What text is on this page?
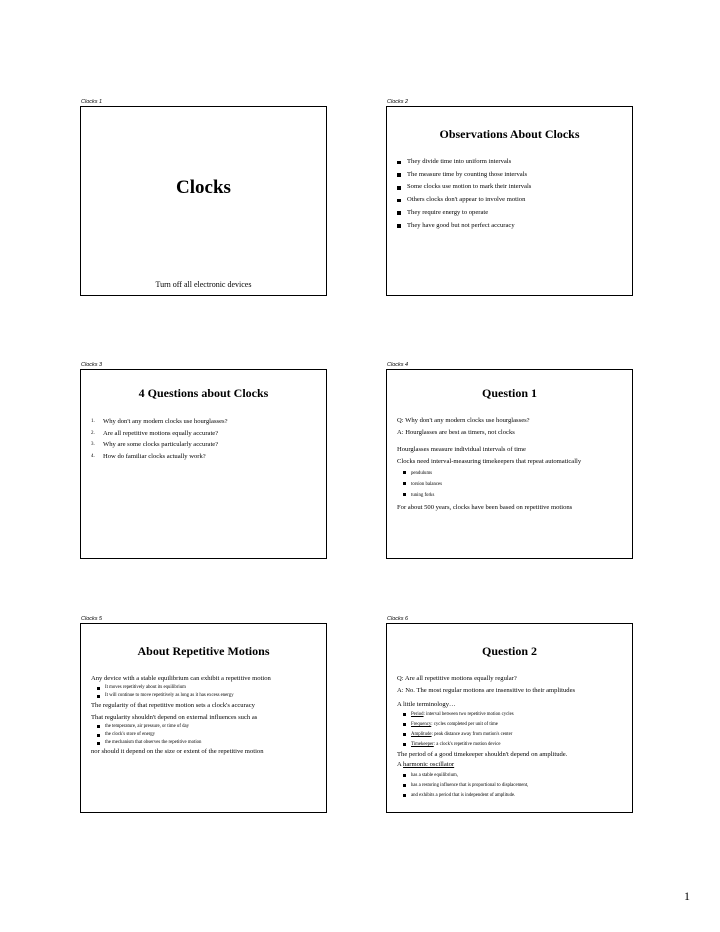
Clocks 1
Clocks
Turn off all electronic devices
Clocks 2
Observations About Clocks
They divide time into uniform intervals
The measure time by counting those intervals
Some clocks use motion to mark their intervals
Others clocks don't appear to involve motion
They require energy to operate
They have good but not perfect accuracy
Clocks 3
4 Questions about Clocks
1. Why don't any modern clocks use hourglasses?
2. Are all repetitive motions equally accurate?
3. Why are some clocks particularly accurate?
4. How do familiar clocks actually work?
Clocks 4
Question 1
Q: Why don't any modern clocks use hourglasses?
A: Hourglasses are best as timers, not clocks
Hourglasses measure individual intervals of time
Clocks need interval-measuring timekeepers that repeat automatically
pendulums
torsion balances
tuning forks
For about 500 years, clocks have been based on repetitive motions
Clocks 5
About Repetitive Motions
Any device with a stable equilibrium can exhibit a repetitive motion
It moves repetitively about its equilibrium
It will continue to move repetitively as long as it has excess energy
The regularity of that repetitive motion sets a clock's accuracy
That regularity shouldn't depend on external influences such as
the temperature, air pressure, or time of day
the clock's store of energy
the mechanism that observes the repetitive motion
nor should it depend on the size or extent of the repetitive motion
Clocks 6
Question 2
Q: Are all repetitive motions equally regular?
A: No. The most regular motions are insensitive to their amplitudes
A little terminology…
Period: interval between two repetitive motion cycles
Frequency: cycles completed per unit of time
Amplitude: peak distance away from motion's center
Timekeeper: a clock's repetitive motion device
The period of a good timekeeper shouldn't depend on amplitude.
A harmonic oscillator
has a stable equilibrium,
has a restoring influence that is proportional to displacement,
and exhibits a period that is independent of amplitude.
1
